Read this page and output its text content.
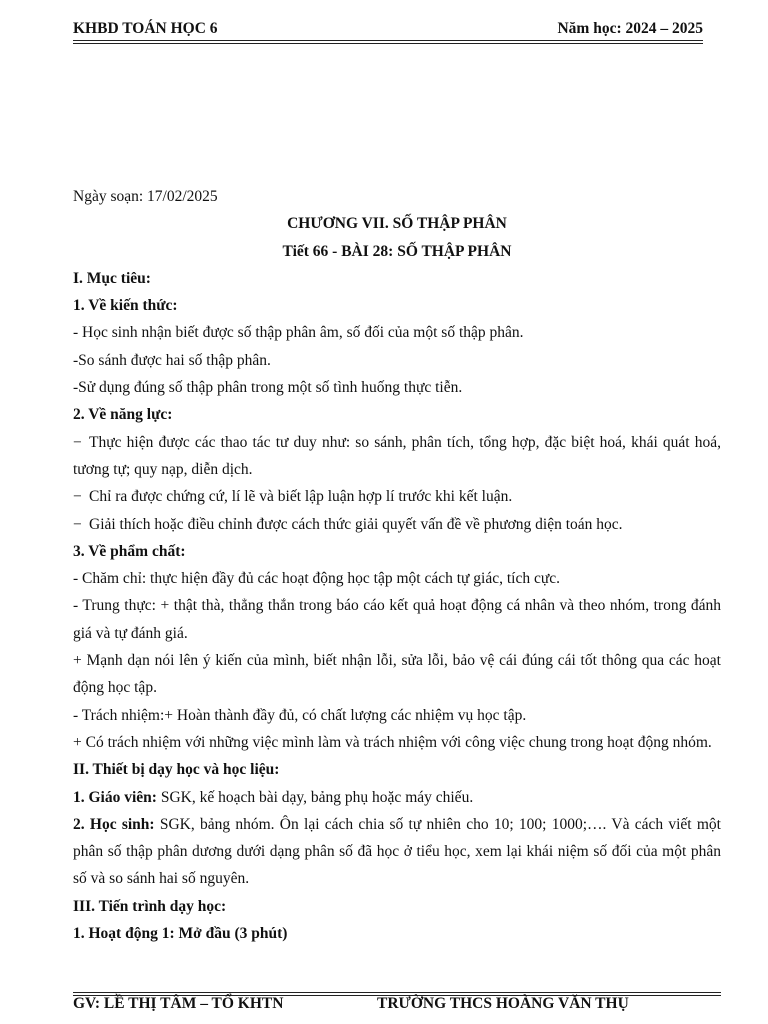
KHBD TOÁN HỌC 6	Năm học: 2024 – 2025

Ngày soạn: 17/02/2025

CHƯƠNG VII. SỐ THẬP PHÂN

Tiết 66 - BÀI 28: SỐ THẬP PHÂN

I. Mục tiêu:

1. Về kiến thức:

- Học sinh nhận biết được số thập phân âm, số đối của một số thập phân.

-So sánh được hai số thập phân.

-Sử dụng đúng số thập phân trong một số tình huống thực tiễn.

2. Về năng lực:

− Thực hiện được các thao tác tư duy như: so sánh, phân tích, tổng hợp, đặc biệt hoá, khái quát hoá, tương tự; quy nạp, diễn dịch.

− Chỉ ra được chứng cứ, lí lẽ và biết lập luận hợp lí trước khi kết luận.

− Giải thích hoặc điều chỉnh được cách thức giải quyết vấn đề về phương diện toán học.

3. Về phẩm chất:

- Chăm chỉ: thực hiện đầy đủ các hoạt động học tập một cách tự giác, tích cực.

- Trung thực: + thật thà, thẳng thắn trong báo cáo kết quả hoạt động cá nhân và theo nhóm, trong đánh giá và tự đánh giá.

+ Mạnh dạn nói lên ý kiến của mình, biết nhận lỗi, sửa lỗi, bảo vệ cái đúng cái tốt thông qua các hoạt động học tập.

- Trách nhiệm:+ Hoàn thành đầy đủ, có chất lượng các nhiệm vụ học tập.

+ Có trách nhiệm với những việc mình làm và trách nhiệm với công việc chung trong hoạt động nhóm.

II. Thiết bị dạy học và học liệu:

1. Giáo viên: SGK, kế hoạch bài dạy, bảng phụ hoặc máy chiếu.

2. Học sinh: SGK, bảng nhóm. Ôn lại cách chia số tự nhiên cho 10; 100; 1000;…. Và cách viết một phân số thập phân dương dưới dạng phân số đã học ở tiểu học, xem lại khái niệm số đối của một phân số và so sánh hai số nguyên.

III. Tiến trình dạy học:

1. Hoạt động 1: Mở đầu (3 phút)

GV: LỀ THỊ TÂM – TỔ KHTN	TRƯỜNG THCS HOÀNG VĂN THỤ
